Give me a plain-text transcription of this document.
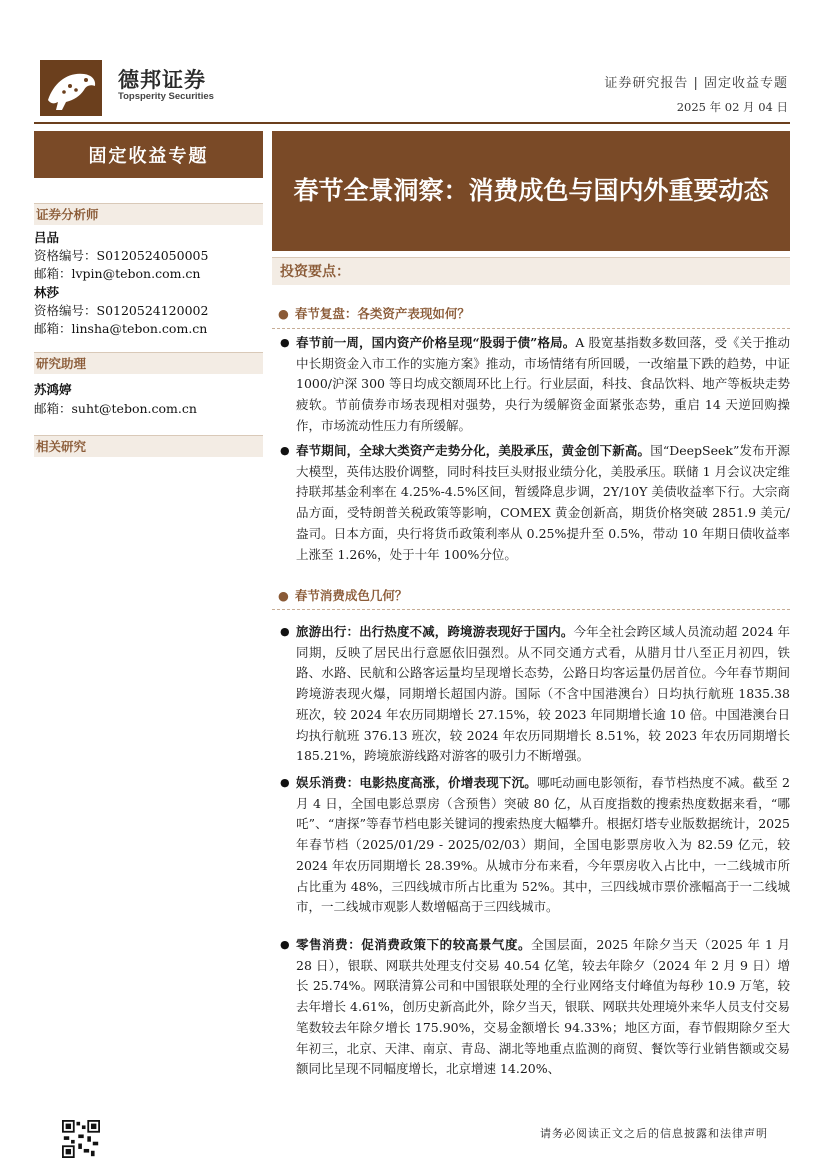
德邦证券
Topsperity Securities
证券研究报告 | 固定收益专题
2025 年 02 月 04 日
固定收益专题
证券分析师
吕品
资格编号：S0120524050005
邮箱：lvpin@tebon.com.cn
林莎
资格编号：S0120524120002
邮箱：linsha@tebon.com.cn
研究助理
苏鸿婷
邮箱：suht@tebon.com.cn
相关研究
春节全景洞察：消费成色与国内外重要动态
投资要点：
● 春节复盘：各类资产表现如何？
● 春节前一周，国内资产价格呈现“股弱于债”格局。A 股宽基指数多数回落，受《关于推动中长期资金入市工作的实施方案》推动，市场情绪有所回暖，一改缩量下跌的趋势，中证 1000/沪深 300 等日均成交额周环比上行。行业层面，科技、食品饮料、地产等板块走势疲软。节前债券市场表现相对强势，央行为缓解资金面紧张态势，重启 14 天逆回购操作，市场流动性压力有所缓解。
● 春节期间，全球大类资产走势分化，美股承压，黄金创下新高。国“DeepSeek”发布开源大模型，英伟达股价调整，同时科技巨头财报业绩分化，美股承压。联储 1 月会议决定维持联邦基金利率在 4.25%-4.5%区间，暂缓降息步调，2Y/10Y 美债收益率下行。大宗商品方面，受特朗普关税政策等影响，COMEX 黄金创新高，期货价格突破 2851.9 美元/盎司。日本方面，央行将货币政策利率从 0.25%提升至 0.5%，带动 10 年期日债收益率上涨至 1.26%，处于十年 100%分位。
● 春节消费成色几何？
● 旅游出行：出行热度不减，跨境游表现好于国内。今年全社会跨区域人员流动超 2024 年同期，反映了居民出行意愿依旧强烈。从不同交通方式看，从腊月廿八至正月初四，铁路、水路、民航和公路客运量均呈现增长态势，公路日均客运量仍居首位。今年春节期间跨境游表现火爆，同期增长超国内游。国际（不含中国港澳台）日均执行航班 1835.38 班次，较 2024 年农历同期增长 27.15%，较 2023 年同期增长逾 10 倍。中国港澳台日均执行航班 376.13 班次，较 2024 年农历同期增长 8.51%，较 2023 年农历同期增长 185.21%，跨境旅游线路对游客的吸引力不断增强。
● 娱乐消费：电影热度高涨，价增表现下沉。哪吒动画电影领衔，春节档热度不减。截至 2 月 4 日，全国电影总票房（含预售）突破 80 亿，从百度指数的搜索热度数据来看，“哪吒”、“唐探”等春节档电影关键词的搜索热度大幅攀升。根据灯塔专业版数据统计，2025 年春节档（2025/01/29 - 2025/02/03）期间，全国电影票房收入为 82.59 亿元，较 2024 年农历同期增长 28.39%。从城市分布来看，今年票房收入占比中，一二线城市所占比重为 48%，三四线城市所占比重为 52%。其中，三四线城市票价涨幅高于一二线城市，一二线城市观影人数增幅高于三四线城市。
● 零售消费：促消费政策下的较高景气度。全国层面，2025 年除夕当天（2025 年 1 月 28 日），银联、网联共处理支付交易 40.54 亿笔，较去年除夕（2024 年 2 月 9 日）增长 25.74%。网联清算公司和中国银联处理的全行业网络支付峰值为每秒 10.9 万笔，较去年增长 4.61%，创历史新高此外，除夕当天，银联、网联共处理境外来华人员支付交易笔数较去年除夕增长 175.90%，交易金额增长 94.33%；地区方面，春节假期除夕至大年初三，北京、天津、南京、青岛、湖北等地重点监测的商贸、餐饮等行业销售额或交易额同比呈现不同幅度增长，北京增速 14.20%、
请务必阅读正文之后的信息披露和法律声明
